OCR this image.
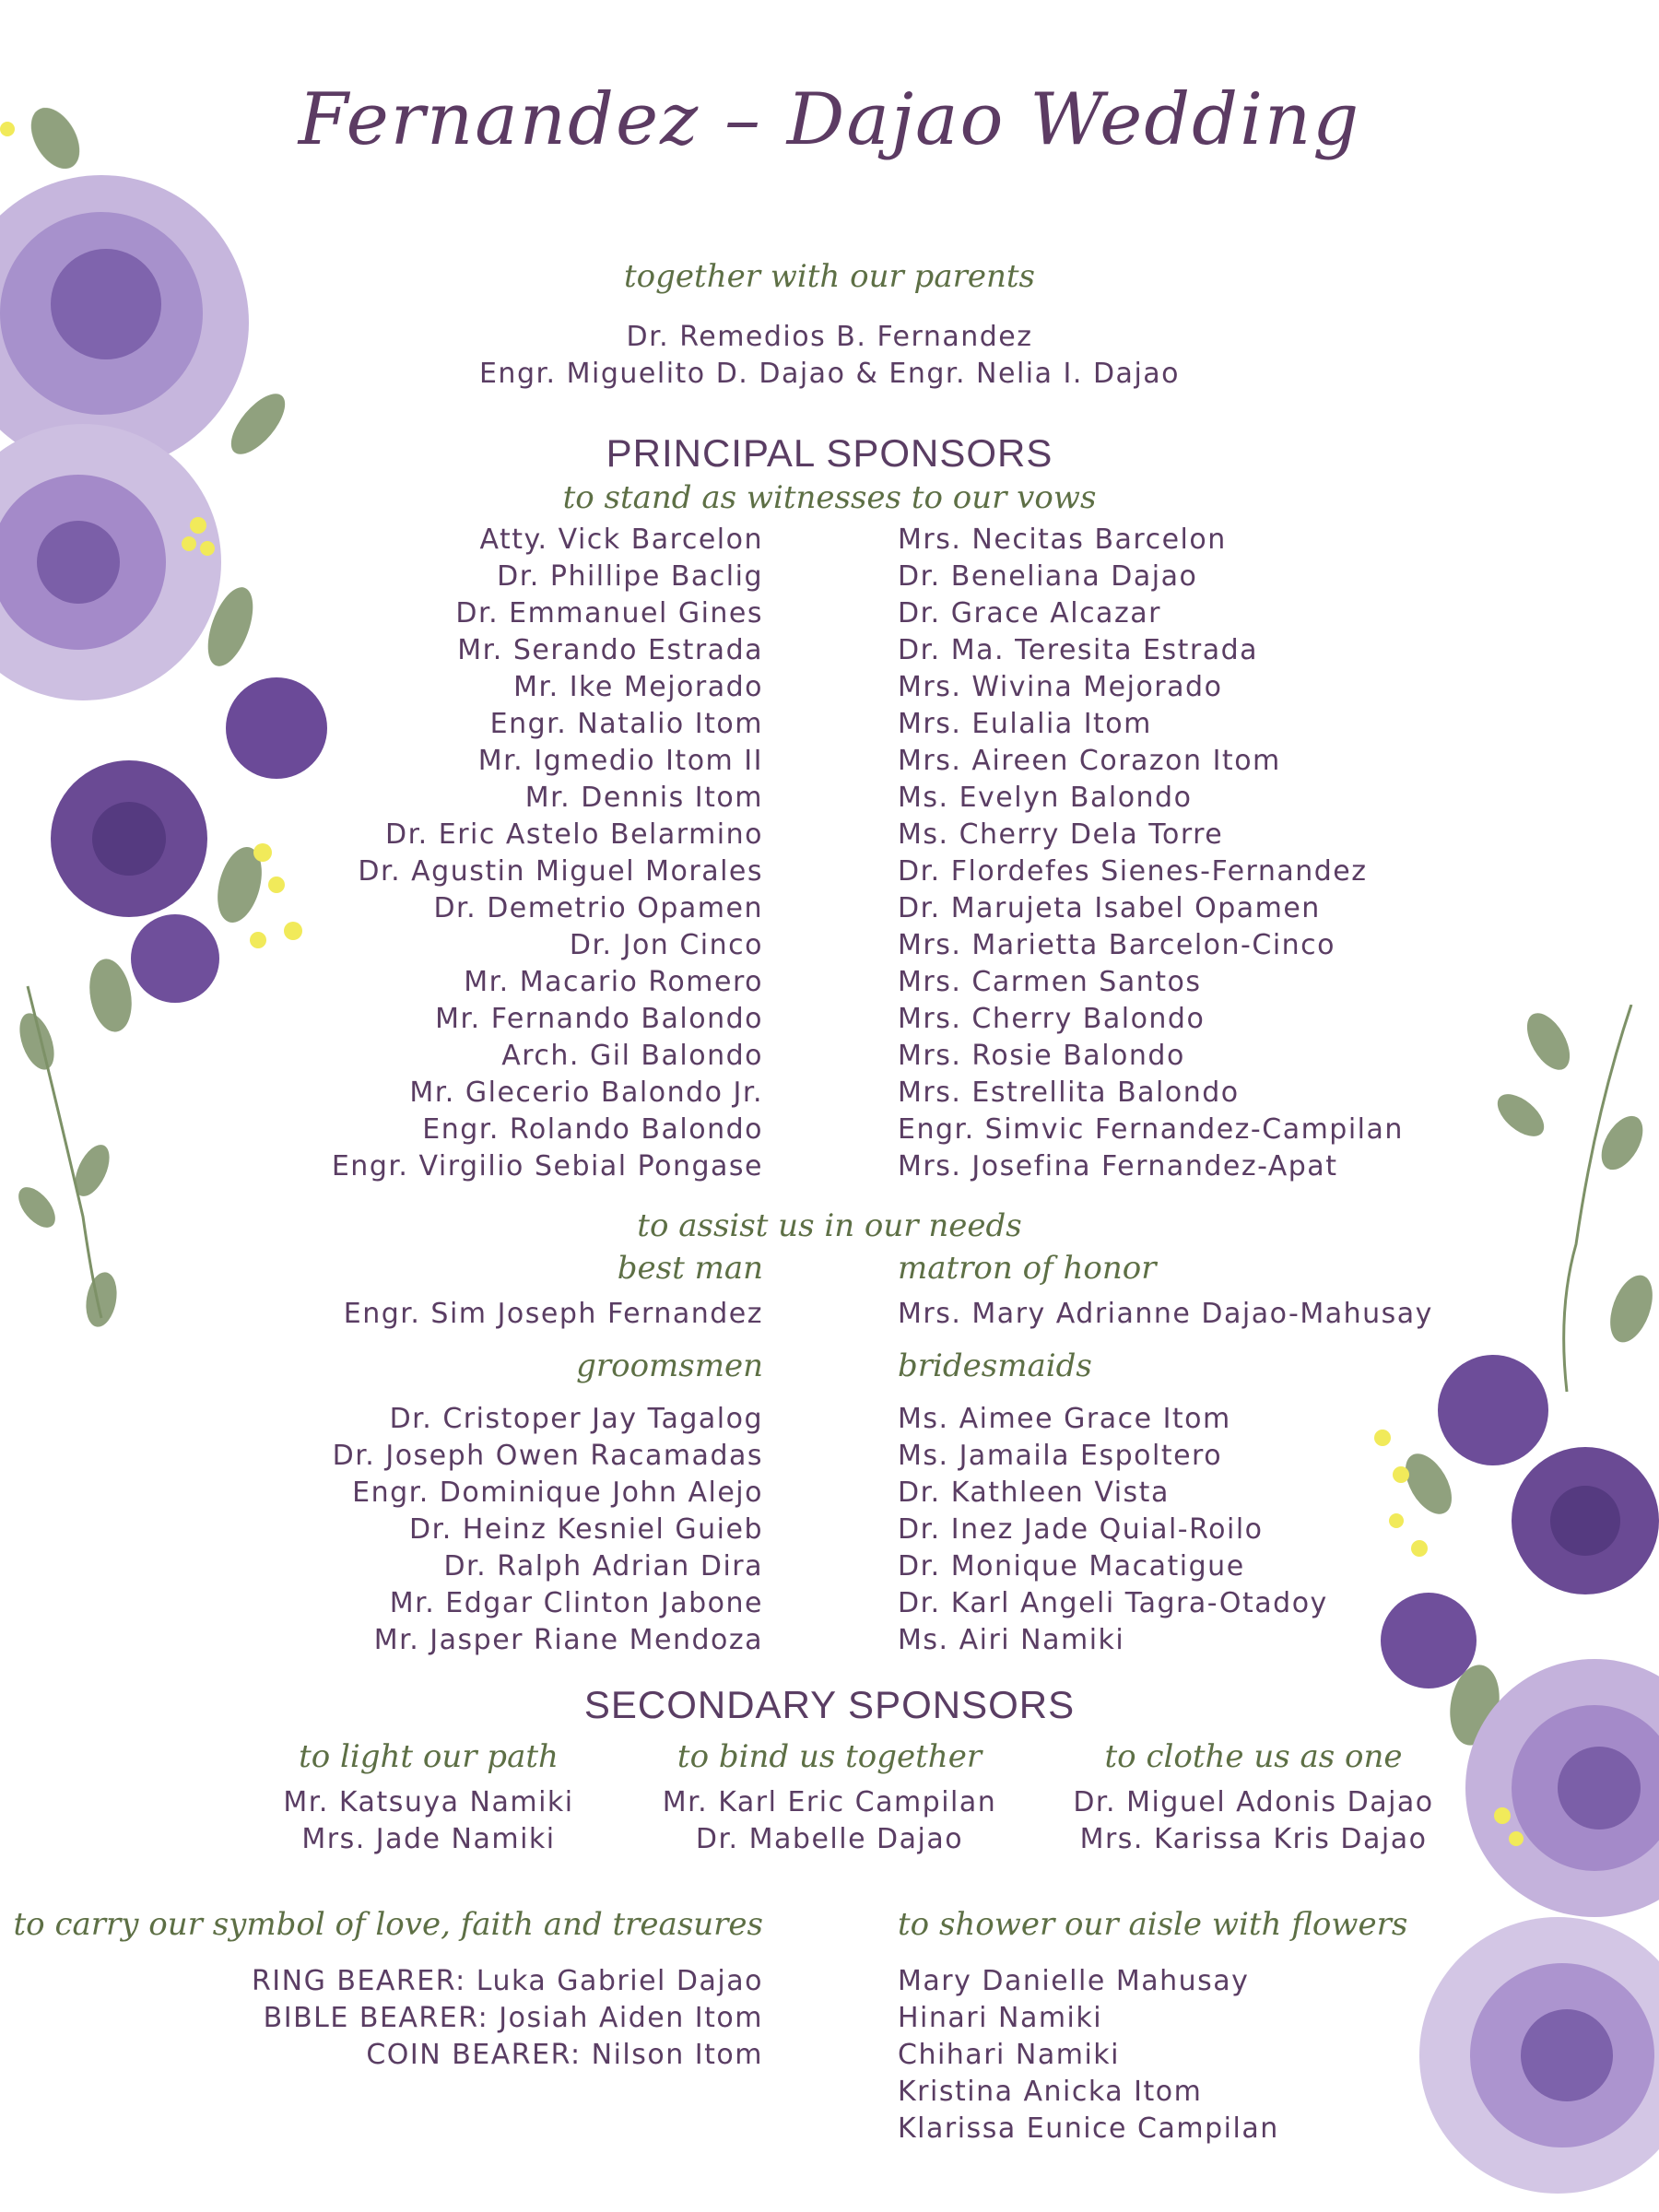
Fernandez – Dajao Wedding
together with our parents
Dr. Remedios B. Fernandez
Engr. Miguelito D. Dajao & Engr. Nelia I. Dajao
PRINCIPAL SPONSORS
to stand as witnesses to our vows
Atty. Vick Barcelon
Dr. Phillipe Baclig
Dr. Emmanuel Gines
Mr. Serando Estrada
Mr. Ike Mejorado
Engr. Natalio Itom
Mr. Igmedio Itom II
Mr. Dennis Itom
Dr. Eric Astelo Belarmino
Dr. Agustin Miguel Morales
Dr. Demetrio Opamen
Dr. Jon Cinco
Mr. Macario Romero
Mr. Fernando Balondo
Arch. Gil Balondo
Mr. Glecerio Balondo Jr.
Engr. Rolando Balondo
Engr. Virgilio Sebial Pongase
Mrs. Necitas Barcelon
Dr. Beneliana Dajao
Dr. Grace Alcazar
Dr. Ma. Teresita Estrada
Mrs. Wivina Mejorado
Mrs. Eulalia Itom
Mrs. Aireen Corazon Itom
Ms. Evelyn Balondo
Ms. Cherry Dela Torre
Dr. Flordefes Sienes-Fernandez
Dr. Marujeta Isabel Opamen
Mrs. Marietta Barcelon-Cinco
Mrs. Carmen Santos
Mrs. Cherry Balondo
Mrs. Rosie Balondo
Mrs. Estrellita Balondo
Engr. Simvic Fernandez-Campilan
Mrs. Josefina Fernandez-Apat
to assist us in our needs
best man	matron of honor
Engr. Sim Joseph Fernandez	Mrs. Mary Adrianne Dajao-Mahusay
groomsmen	bridesmaids
Dr. Cristoper Jay Tagalog
Dr. Joseph Owen Racamadas
Engr. Dominique John Alejo
Dr. Heinz Kesniel Guieb
Dr. Ralph Adrian Dira
Mr. Edgar Clinton Jabone
Mr. Jasper Riane Mendoza
Ms. Aimee Grace Itom
Ms. Jamaila Espoltero
Dr. Kathleen Vista
Dr. Inez Jade Quial-Roilo
Dr. Monique Macatigue
Dr. Karl Angeli Tagra-Otadoy
Ms. Airi Namiki
SECONDARY SPONSORS
to light our path
Mr. Katsuya Namiki
Mrs. Jade Namiki
to bind us together
Mr. Karl Eric Campilan
Dr. Mabelle Dajao
to clothe us as one
Dr. Miguel Adonis Dajao
Mrs. Karissa Kris Dajao
to carry our symbol of love, faith and treasures
RING BEARER: Luka Gabriel Dajao
BIBLE BEARER: Josiah Aiden Itom
COIN BEARER: Nilson Itom
to shower our aisle with flowers
Mary Danielle Mahusay
Hinari Namiki
Chihari Namiki
Kristina Anicka Itom
Klarissa Eunice Campilan
